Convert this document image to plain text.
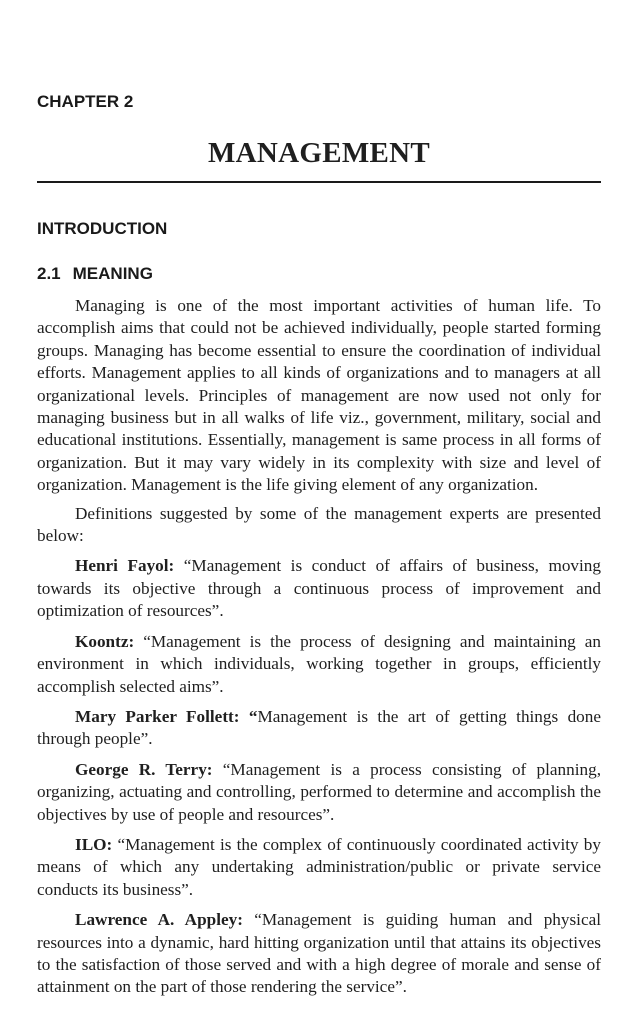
CHAPTER 2
MANAGEMENT
INTRODUCTION
2.1 MEANING

Managing is one of the most important activities of human life. To accomplish aims that could not be achieved individually, people started forming groups. Managing has become essential to ensure the coordination of individual efforts. Management applies to all kinds of organizations and to managers at all organizational levels. Principles of management are now used not only for managing business but in all walks of life viz., government, military, social and educational institutions. Essentially, management is same process in all forms of organization. But it may vary widely in its complexity with size and level of organization. Management is the life giving element of any organization.

Definitions suggested by some of the management experts are presented below:

Henri Fayol: “Management is conduct of affairs of business, moving towards its objective through a continuous process of improvement and optimization of resources”.

Koontz: “Management is the process of designing and maintaining an environment in which individuals, working together in groups, efficiently accomplish selected aims”.

Mary Parker Follett: “Management is the art of getting things done through people”.

George R. Terry: “Management is a process consisting of planning, organizing, actuating and controlling, performed to determine and accomplish the objectives by use of people and resources”.

ILO: “Management is the complex of continuously coordinated activity by means of which any undertaking administration/public or private service conducts its business”.

Lawrence A. Appley: “Management is guiding human and physical resources into a dynamic, hard hitting organization until that attains its objectives to the satisfaction of those served and with a high degree of morale and sense of attainment on the part of those rendering the service”.
